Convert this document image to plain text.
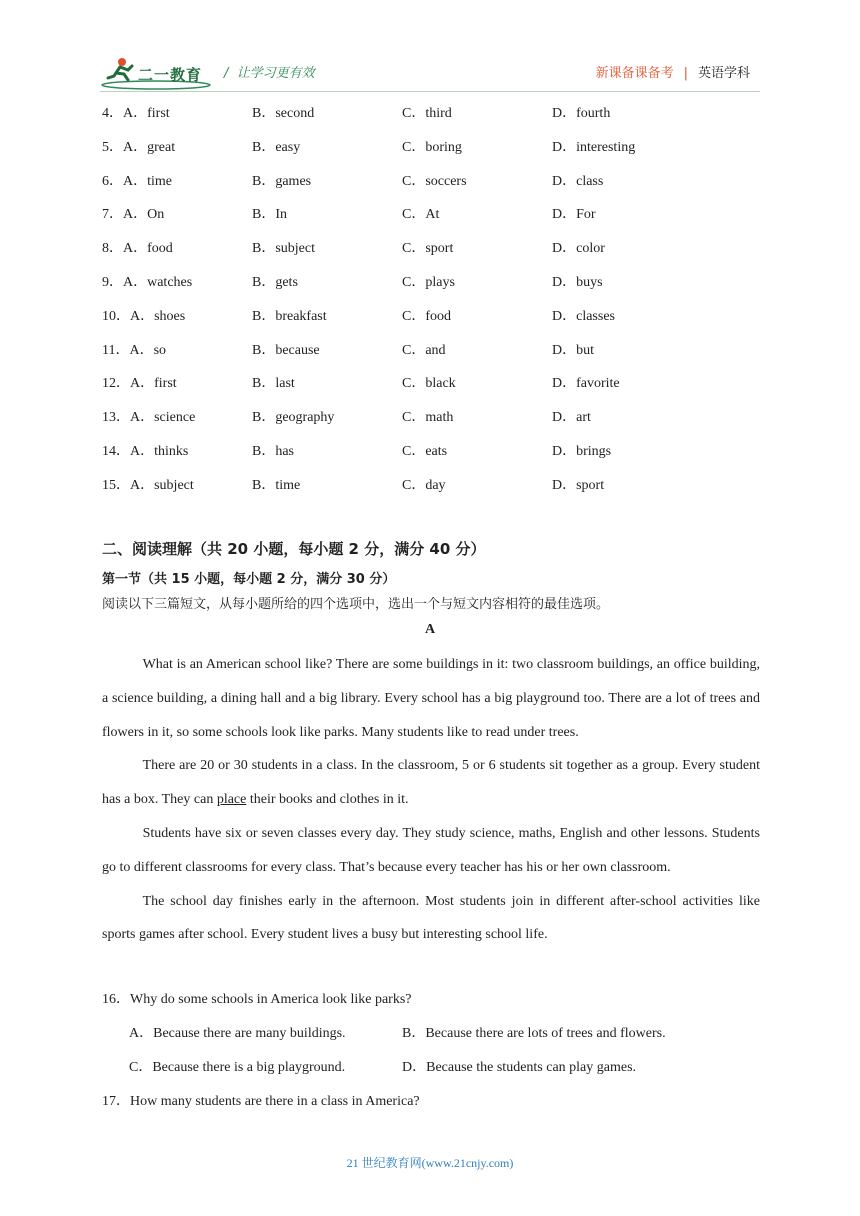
二一教育 /  让学习更有效	新课备课备考 | 英语学科
4．A．first	B．second	C．third	D．fourth
5．A．great	B．easy	C．boring	D．interesting
6．A．time	B．games	C．soccers	D．class
7．A．On	B．In	C．At	D．For
8．A．food	B．subject	C．sport	D．color
9．A．watches	B．gets	C．plays	D．buys
10．A．shoes	B．breakfast	C．food	D．classes
11．A．so	B．because	C．and	D．but
12．A．first	B．last	C．black	D．favorite
13．A．science	B．geography	C．math	D．art
14．A．thinks	B．has	C．eats	D．brings
15．A．subject	B．time	C．day	D．sport
二、阅读理解（共 20 小题，每小题 2 分，满分 40 分）
第一节（共 15 小题，每小题 2 分，满分 30 分）
阅读以下三篇短文，从每小题所给的四个选项中，选出一个与短文内容相符的最佳选项。
A

What is an American school like? There are some buildings in it: two classroom buildings, an office building, a science building, a dining hall and a big library. Every school has a big playground too. There are a lot of trees and flowers in it, so some schools look like parks. Many students like to read under trees.

There are 20 or 30 students in a class. In the classroom, 5 or 6 students sit together as a group. Every student has a box. They can place their books and clothes in it.

Students have six or seven classes every day. They study science, maths, English and other lessons. Students go to different classrooms for every class. That’s because every teacher has his or her own classroom.

The school day finishes early in the afternoon. Most students join in different after-school activities like sports games after school. Every student lives a busy but interesting school life.

16．Why do some schools in America look like parks?
A．Because there are many buildings.	B．Because there are lots of trees and flowers.
C．Because there is a big playground.	D．Because the students can play games.
17．How many students are there in a class in America?
21 世纪教育网(www.21cnjy.com)
